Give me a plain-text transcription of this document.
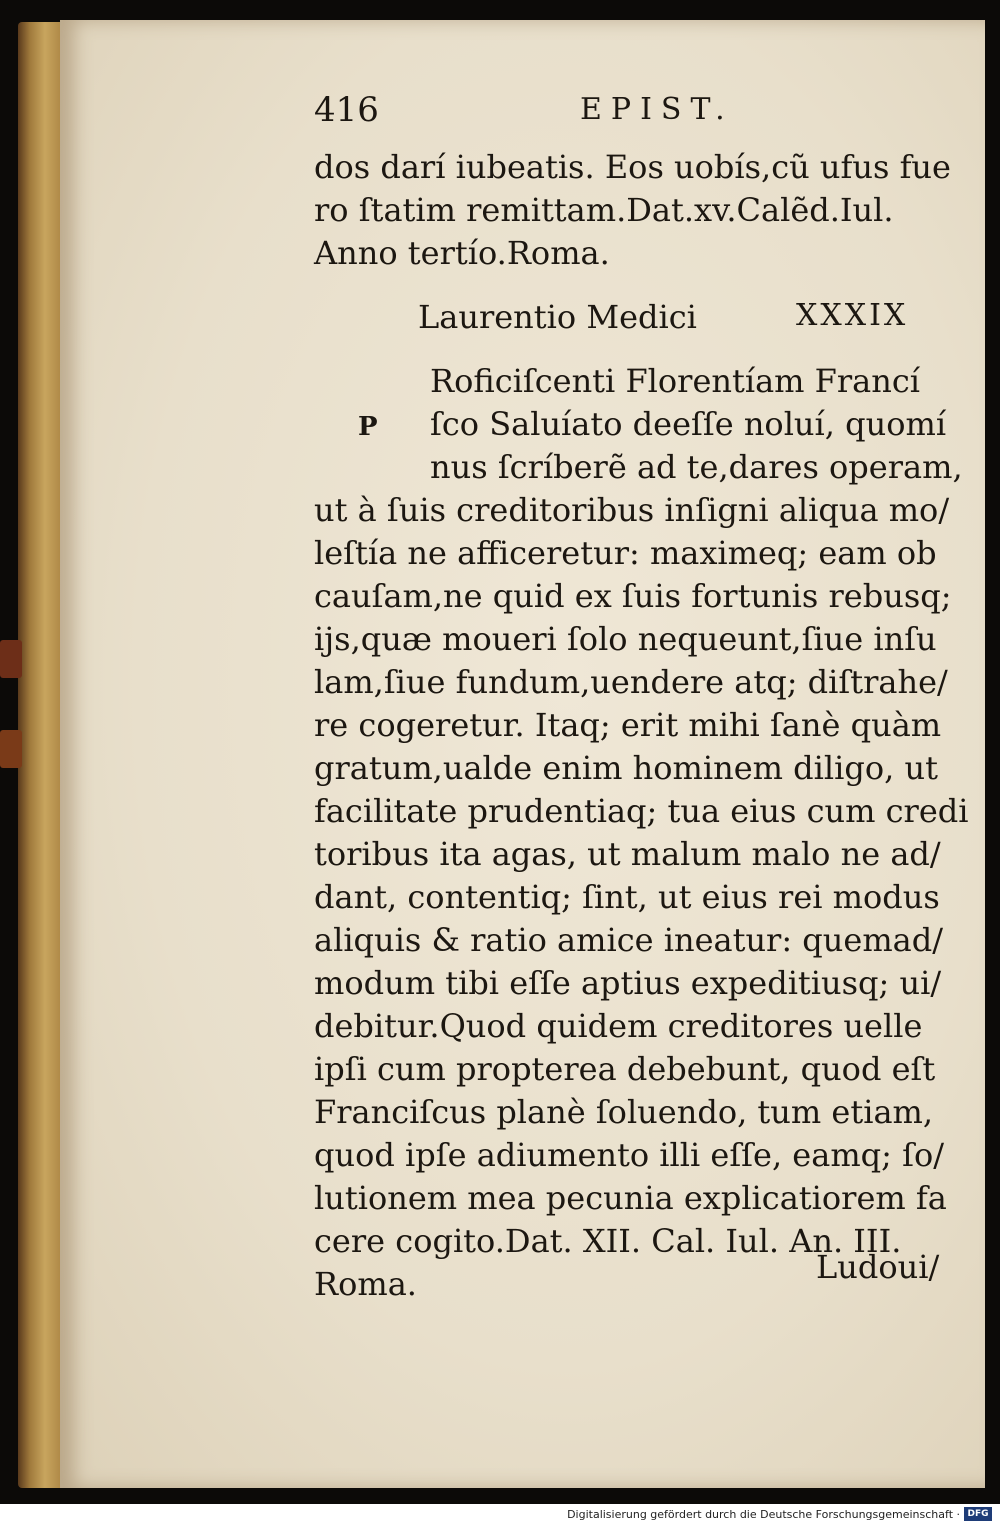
416	EPIST.
dos darí iubeatis. Eos uobís,cũ ufus fue
ro ſtatim remittam.Dat.xv.Calẽd.Iul.
Anno tertío.Roma.
Laurentio Medici	XXXIX
P
Roficiſcenti Florentíam Francí
ſco Saluíato deeſſe noluí, quomí
nus ſcríberẽ ad te,dares operam,
ut à ſuis creditoribus inſigni aliqua mo/
leſtía ne afficeretur: maximeq; eam ob
cauſam,ne quid ex ſuis fortunis rebusq;
ijs,quæ moueri ſolo nequeunt,ſiue inſu
lam,ſiue fundum,uendere atq; diſtrahe/
re cogeretur. Itaq; erit mihi ſanè quàm
gratum,ualde enim hominem diligo, ut
facilitate prudentiaq; tua eius cum credi
toribus ita agas, ut malum malo ne ad/
dant, contentiq; ſint, ut eius rei modus
aliquis & ratio amice ineatur: quemad/
modum tibi eſſe aptius expeditiusq; ui/
debitur.Quod quidem creditores uelle
ipſi cum propterea debebunt, quod eſt
Franciſcus planè ſoluendo, tum etiam,
quod ipſe adiumento illi eſſe, eamq; ſo/
lutionem mea pecunia explicatiorem fa
cere cogito.Dat. XII. Cal. Iul. An. III.
Roma.	Ludoui/
Digitalisierung gefördert durch die Deutsche Forschungsgemeinschaft · DFG
